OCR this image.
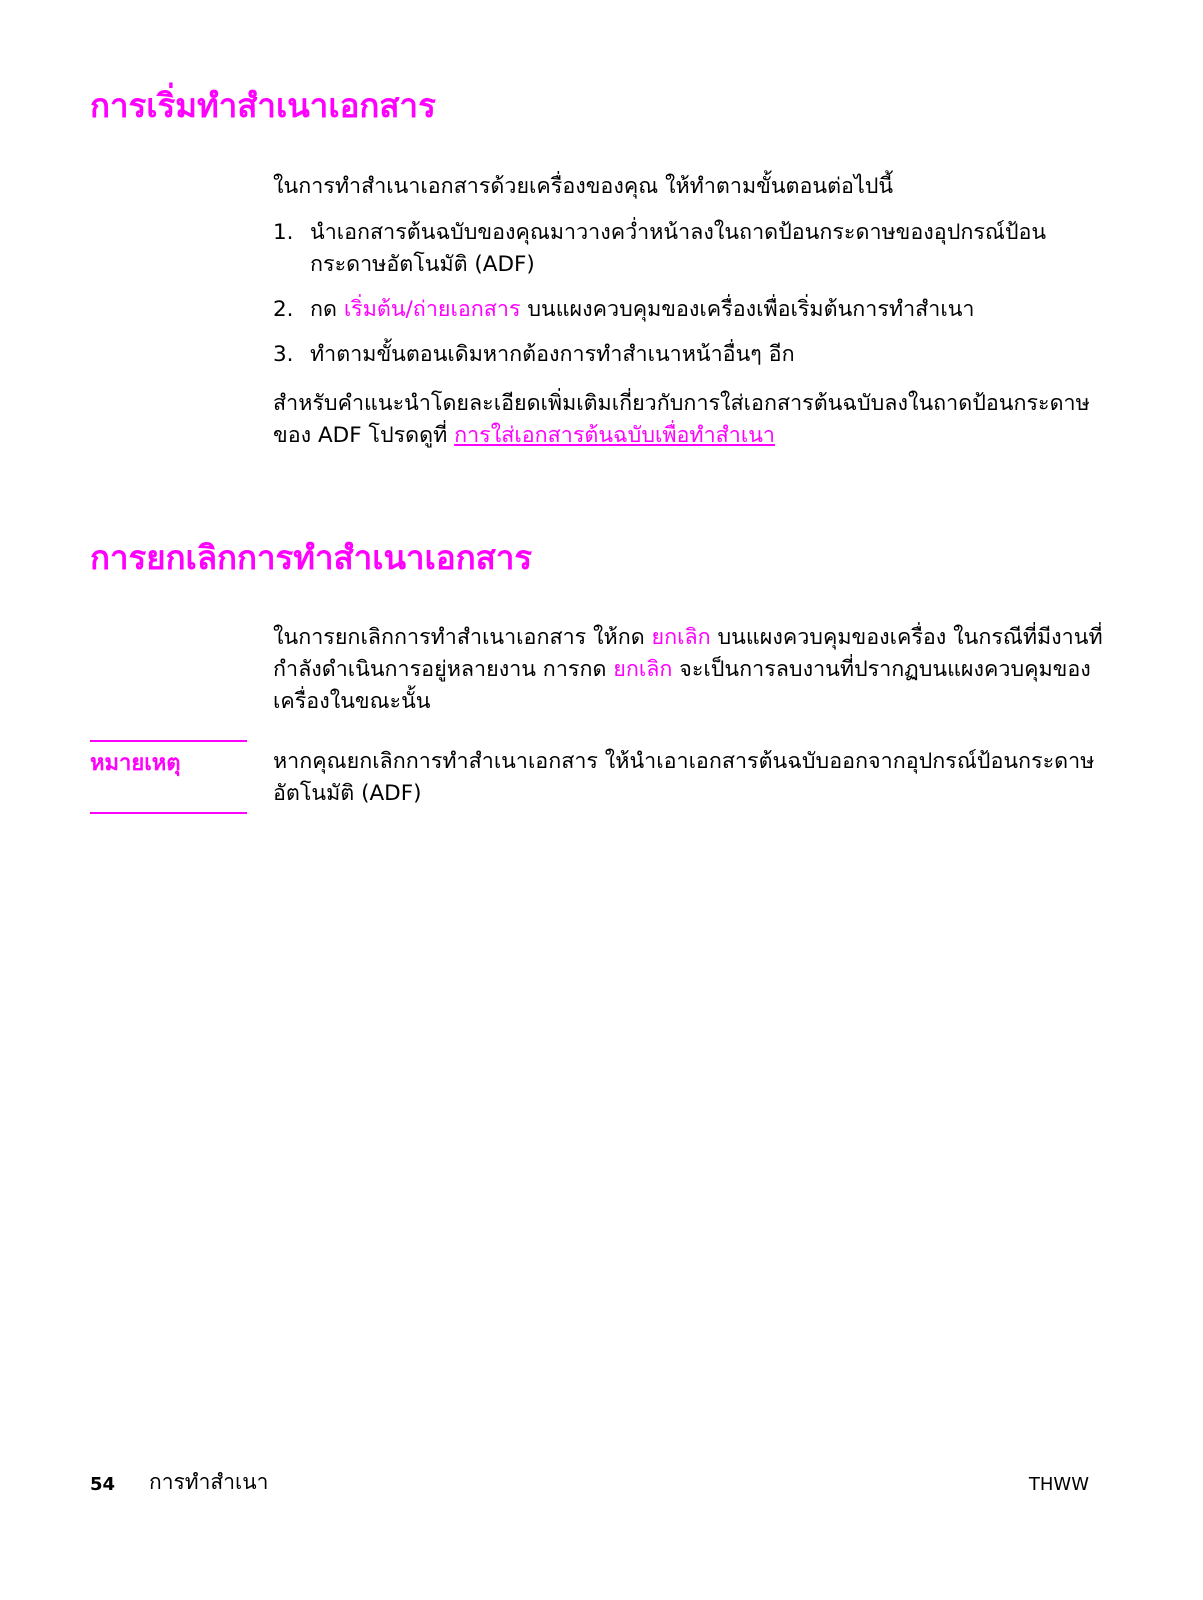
การเริ่มทำสำเนาเอกสาร

ในการทำสำเนาเอกสารด้วยเครื่องของคุณ ให้ทำตามขั้นตอนต่อไปนี้

1. นำเอกสารต้นฉบับของคุณมาวางคว่ำหน้าลงในถาดป้อนกระดาษของอุปกรณ์ป้อนกระดาษอัตโนมัติ (ADF)
2. กด เริ่มต้น/ถ่ายเอกสาร บนแผงควบคุมของเครื่องเพื่อเริ่มต้นการทำสำเนา
3. ทำตามขั้นตอนเดิมหากต้องการทำสำเนาหน้าอื่นๆ อีก

สำหรับคำแนะนำโดยละเอียดเพิ่มเติมเกี่ยวกับการใส่เอกสารต้นฉบับลงในถาดป้อนกระดาษของ ADF โปรดดูที่ การใส่เอกสารต้นฉบับเพื่อทำสำเนา

การยกเลิกการทำสำเนาเอกสาร

ในการยกเลิกการทำสำเนาเอกสาร ให้กด ยกเลิก บนแผงควบคุมของเครื่อง ในกรณีที่มีงานที่กำลังดำเนินการอยู่หลายงาน การกด ยกเลิก จะเป็นการลบงานที่ปรากฏบนแผงควบคุมของเครื่องในขณะนั้น

หมายเหตุ	หากคุณยกเลิกการทำสำเนาเอกสาร ให้นำเอาเอกสารต้นฉบับออกจากอุปกรณ์ป้อนกระดาษอัตโนมัติ (ADF)

54 การทำสำเนา	THWW
